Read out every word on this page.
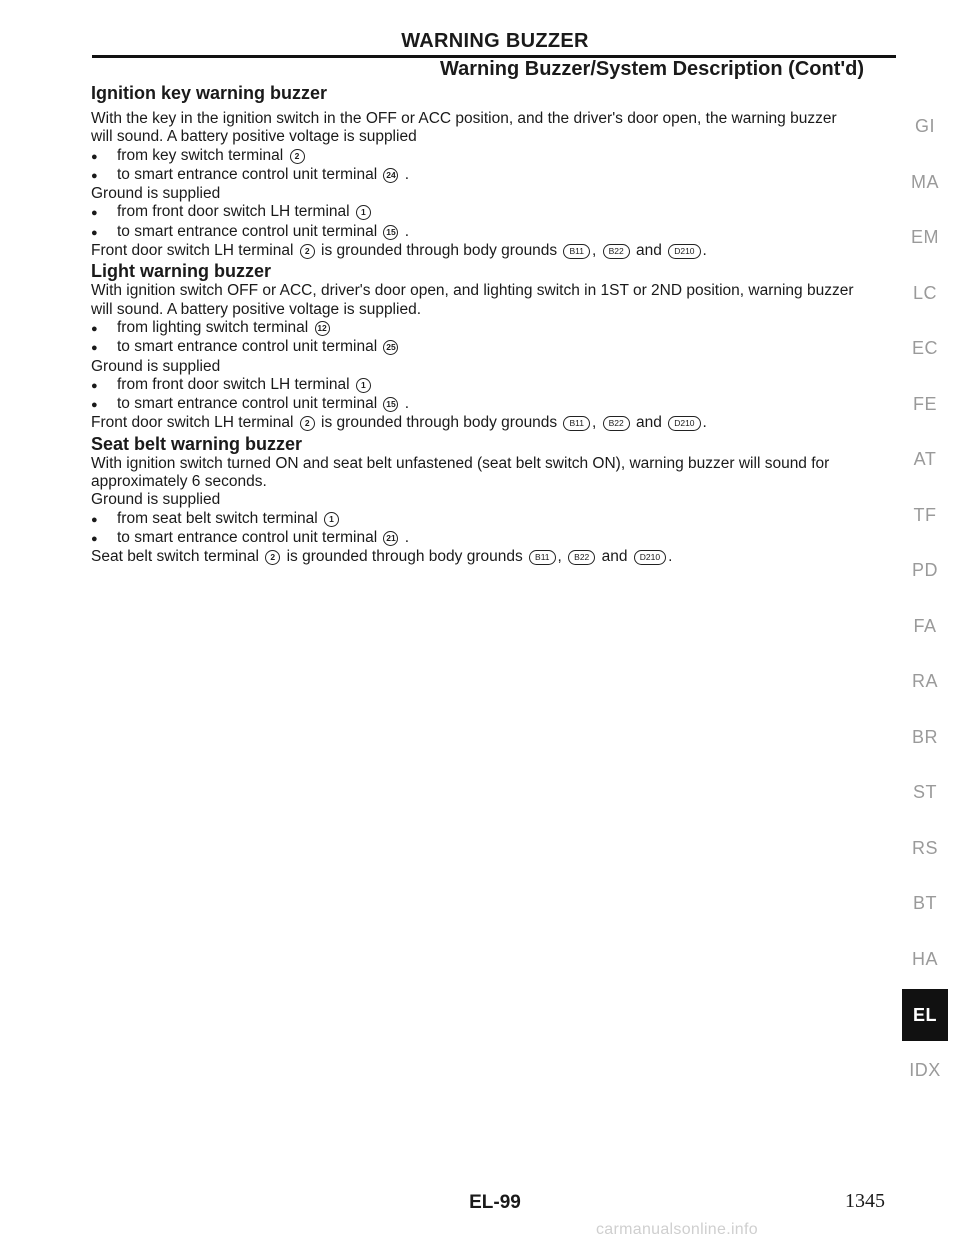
WARNING BUZZER
Warning Buzzer/System Description (Cont'd)
Ignition key warning buzzer
With the key in the ignition switch in the OFF or ACC position, and the driver's door open, the warning buzzer
will sound. A battery positive voltage is supplied
● from key switch terminal 2
● to smart entrance control unit terminal 24 .
Ground is supplied
● from front door switch LH terminal 1
● to smart entrance control unit terminal 15 .
Front door switch LH terminal 2 is grounded through body grounds B11 , B22 and D210 .
Light warning buzzer
With ignition switch OFF or ACC, driver's door open, and lighting switch in 1ST or 2ND position, warning buzzer
will sound. A battery positive voltage is supplied.
● from lighting switch terminal 12
● to smart entrance control unit terminal 25
Ground is supplied
● from front door switch LH terminal 1
● to smart entrance control unit terminal 15 .
Front door switch LH terminal 2 is grounded through body grounds B11 , B22 and D210 .
Seat belt warning buzzer
With ignition switch turned ON and seat belt unfastened (seat belt switch ON), warning buzzer will sound for
approximately 6 seconds.
Ground is supplied
● from seat belt switch terminal 1
● to smart entrance control unit terminal 21 .
Seat belt switch terminal 2 is grounded through body grounds B11 , B22 and D210 .
GI
MA
EM
LC
EC
FE
AT
TF
PD
FA
RA
BR
ST
RS
BT
HA
EL
IDX
EL-99	1345
carmanualsonline.info
